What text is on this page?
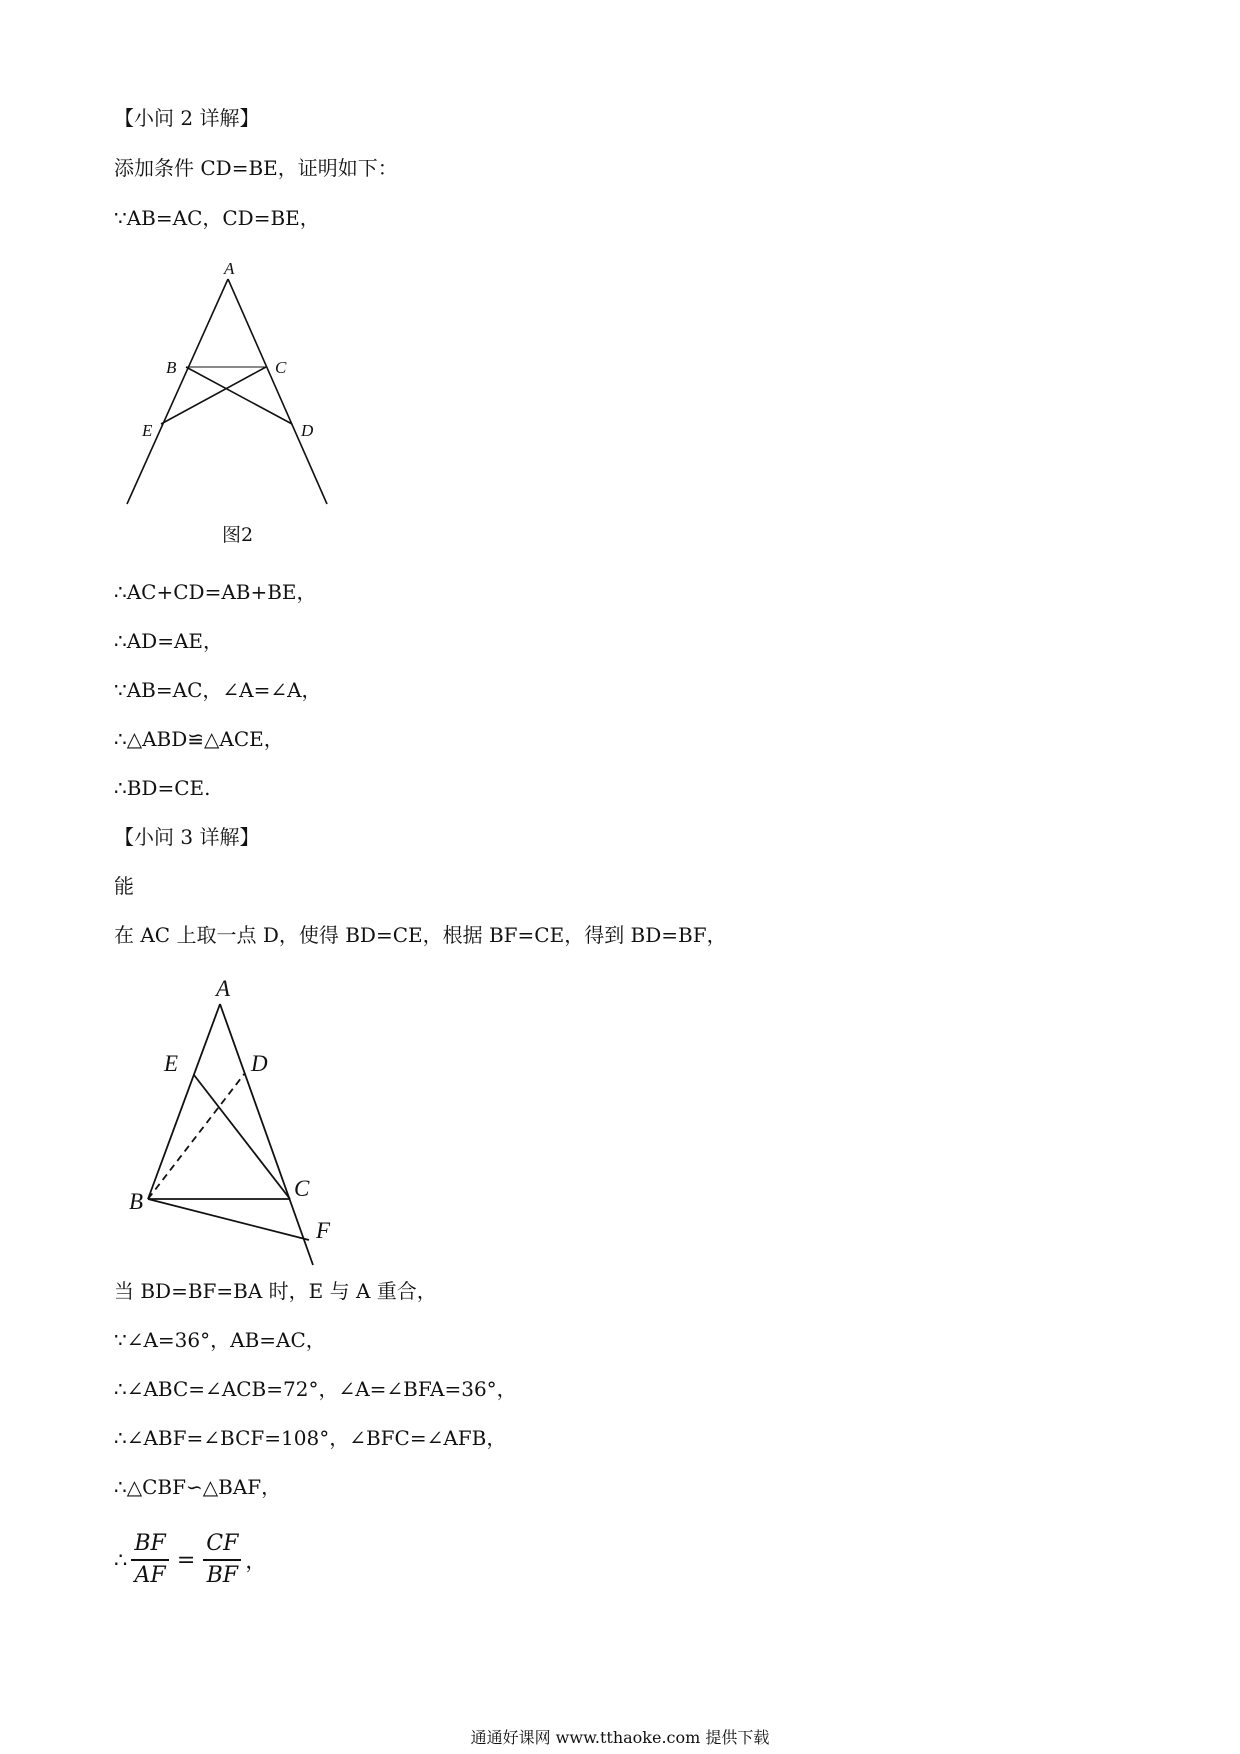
【小问 2 详解】
添加条件 CD=BE，证明如下：
∵AB=AC，CD=BE，
A
B	C
E	D
图2
∴AC+CD=AB+BE，
∴AD=AE，
∵AB=AC，∠A=∠A，
∴△ABD≌△ACE，
∴BD=CE.
【小问 3 详解】
能
在 AC 上取一点 D，使得 BD=CE，根据 BF=CE，得到 BD=BF，
A
E	D
B
C
F
当 BD=BF=BA 时，E 与 A 重合，
∵∠A=36°，AB=AC，
∴∠ABC=∠ACB=72°，∠A=∠BFA=36°，
∴∠ABF=∠BCF=108°，∠BFC=∠AFB，
∴△CBF∽△BAF，
∴ $\frac{BF}{AF} = \frac{CF}{BF}$ ，
通通好课网 www.tthaoke.com 提供下载
